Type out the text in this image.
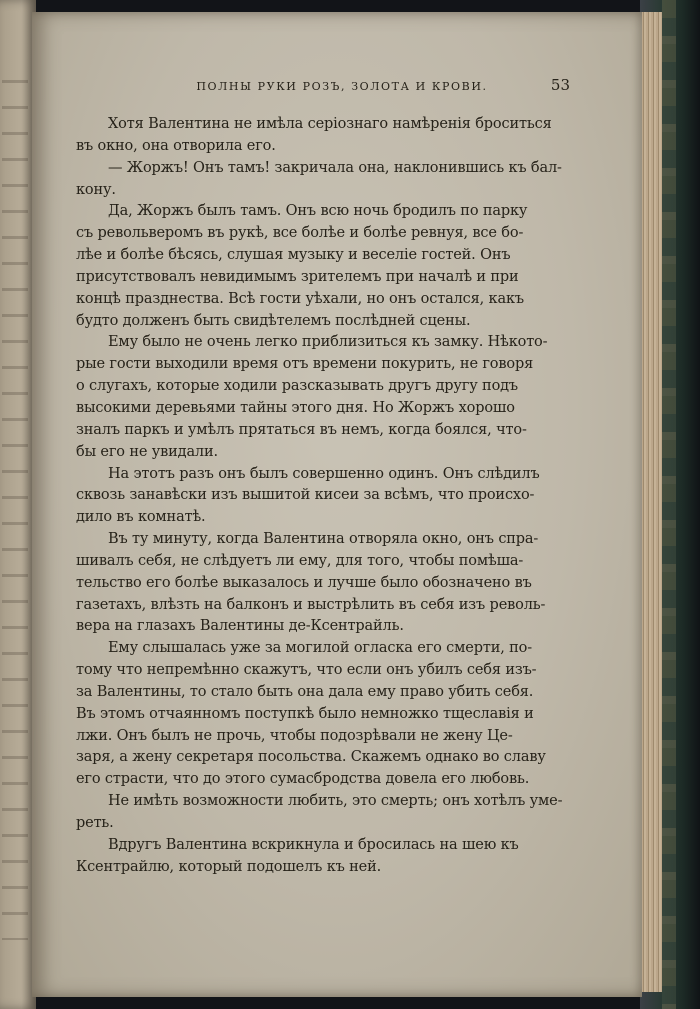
ПОЛНЫ РУКИ РОЗЪ, ЗОЛОТА И КРОВИ.	53
Хотя Валентина не имѣла серіознаго намѣренія броситься
въ окно, она отворила его.
— Жоржъ! Онъ тамъ! закричала она, наклонившись къ бал-
кону.
Да, Жоржъ былъ тамъ. Онъ всю ночь бродилъ по парку
съ револьверомъ въ рукѣ, все болѣе и болѣе ревнуя, все бо-
лѣе и болѣе бѣсясь, слушая музыку и веселіе гостей. Онъ
присутствовалъ невидимымъ зрителемъ при началѣ и при
концѣ празднества. Всѣ гости уѣхали, но онъ остался, какъ
будто долженъ быть свидѣтелемъ послѣдней сцены.
Ему было не очень легко приблизиться къ замку. Нѣкото-
рые гости выходили время отъ времени покурить, не говоря
о слугахъ, которые ходили разсказывать другъ другу подъ
высокими деревьями тайны этого дня. Но Жоржъ хорошо
зналъ паркъ и умѣлъ прятаться въ немъ, когда боялся, что-
бы его не увидали.
На этотъ разъ онъ былъ совершенно одинъ. Онъ слѣдилъ
сквозь занавѣски изъ вышитой кисеи за всѣмъ, что происхо-
дило въ комнатѣ.
Въ ту минуту, когда Валентина отворяла окно, онъ спра-
шивалъ себя, не слѣдуетъ ли ему, для того, чтобы помѣша-
тельство его болѣе выказалось и лучше было обозначено въ
газетахъ, влѣзть на балконъ и выстрѣлить въ себя изъ револь-
вера на глазахъ Валентины де-Ксентрайль.
Ему слышалась уже за могилой огласка его смерти, по-
тому что непремѣнно скажутъ, что если онъ убилъ себя изъ-
за Валентины, то стало быть она дала ему право убить себя.
Въ этомъ отчаянномъ поступкѣ было немножко тщеславія и
лжи. Онъ былъ не прочь, чтобы подозрѣвали не жену Це-
заря, а жену секретаря посольства. Скажемъ однако во славу
его страсти, что до этого сумасбродства довела его любовь.
Не имѣть возможности любить, это смерть; онъ хотѣлъ уме-
реть.
Вдругъ Валентина вскрикнула и бросилась на шею къ
Ксентрайлю, который подошелъ къ ней.
